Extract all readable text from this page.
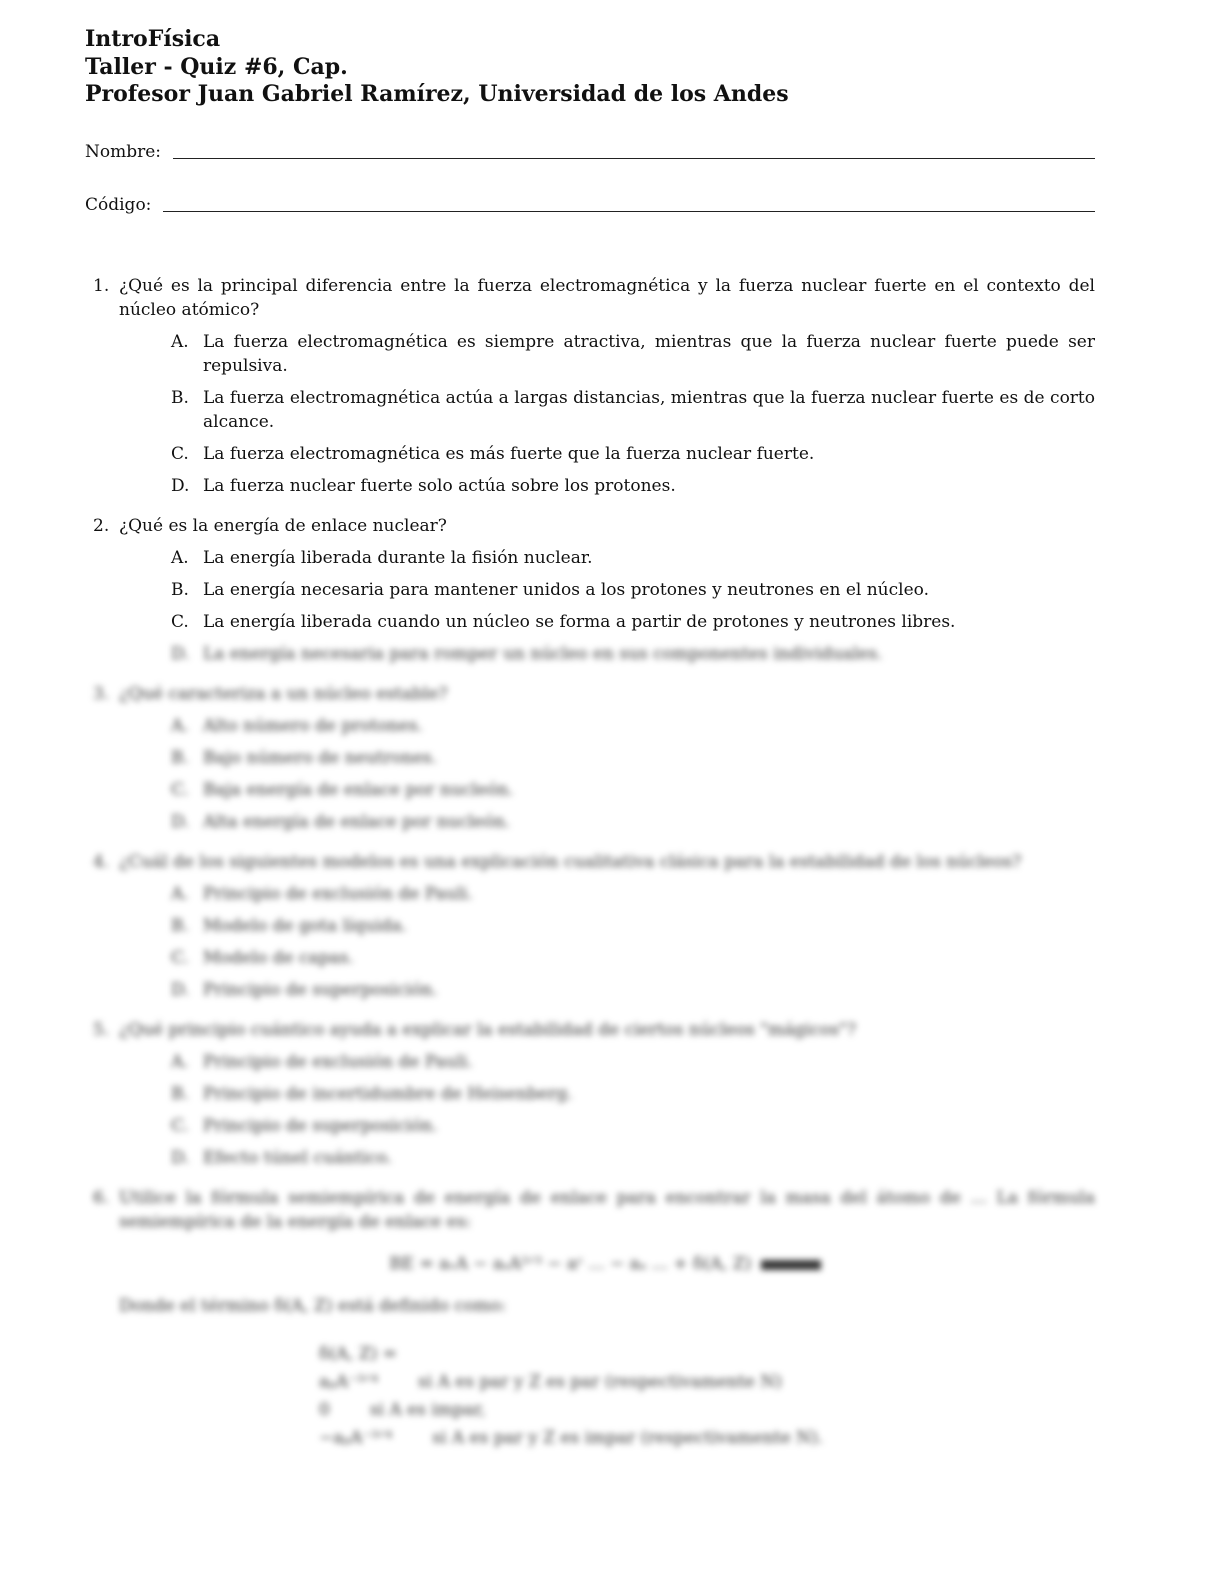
IntroFísica
Taller - Quiz #6, Cap.
Profesor Juan Gabriel Ramírez, Universidad de los Andes
Nombre:
Código:
1. ¿Qué es la principal diferencia entre la fuerza electromagnética y la fuerza nuclear fuerte en el contexto del núcleo atómico?
A. La fuerza electromagnética es siempre atractiva, mientras que la fuerza nuclear fuerte puede ser repulsiva.
B. La fuerza electromagnética actúa a largas distancias, mientras que la fuerza nuclear fuerte es de corto alcance.
C. La fuerza electromagnética es más fuerte que la fuerza nuclear fuerte.
D. La fuerza nuclear fuerte solo actúa sobre los protones.
2. ¿Qué es la energía de enlace nuclear?
A. La energía liberada durante la fisión nuclear.
B. La energía necesaria para mantener unidos a los protones y neutrones en el núcleo.
C. La energía liberada cuando un núcleo se forma a partir de protones y neutrones libres.
D. La energía necesaria para romper un núcleo en sus componentes individuales.
3. ¿Qué caracteriza a un núcleo estable?
A. Alto número de protones.
B. Bajo número de neutrones.
C. Baja energía de enlace por nucleón.
D. Alta energía de enlace por nucleón.
4. ¿Cuál de los siguientes modelos es una explicación cualitativa clásica para la estabilidad de los núcleos?
A. Principio de exclusión de Pauli.
B. Modelo de gota líquida.
C. Modelo de capas.
D. Principio de superposición.
5. ¿Qué principio cuántico ayuda a explicar la estabilidad de ciertos núcleos "mágicos"?
A. Principio de exclusión de Pauli.
B. Principio de incertidumbre de Heisenberg.
C. Principio de superposición.
D. Efecto túnel cuántico.
6. Utilice la fórmula semiempírica de energía de enlace para encontrar la masa del átomo de ... La fórmula semiempírica de la energía de enlace es:
BE = aᵥA − aₛA²ᐟ³ − aᶜ ... − aₐ ... + δ(A, Z)
Donde el término δ(A, Z) está definido como:
δ(A, Z) =
aₚA⁻³ᐟ⁴ si A es par y Z es par (respectivamente N)
0 si A es impar,
−aₚA⁻³ᐟ⁴ si A es par y Z es impar (respectivamente N).
